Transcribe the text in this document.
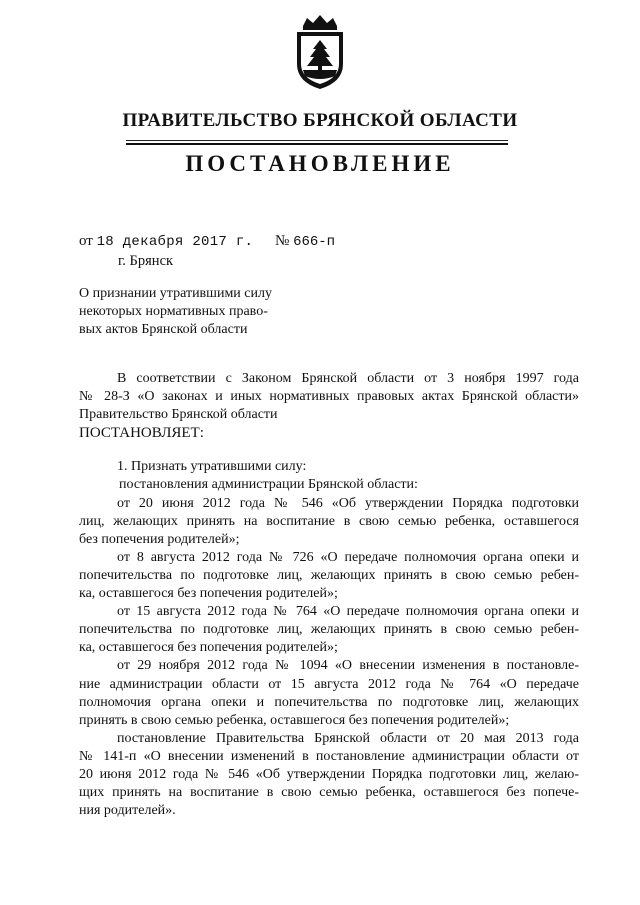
ПРАВИТЕЛЬСТВО БРЯНСКОЙ ОБЛАСТИ
ПОСТАНОВЛЕНИЕ
от 18 декабря 2017 г. № 666-п
г. Брянск
О признании утратившими силу
некоторых нормативных право-
вых актов Брянской области
В соответствии с Законом Брянской области от 3 ноября 1997 года
№ 28-З «О законах и иных нормативных правовых актах Брянской области»
Правительство Брянской области
ПОСТАНОВЛЯЕТ:
1. Признать утратившими силу:
постановления администрации Брянской области:
от 20 июня 2012 года № 546 «Об утверждении Порядка подготовки
лиц, желающих принять на воспитание в свою семью ребенка, оставшегося
без попечения родителей»;
от 8 августа 2012 года № 726 «О передаче полномочия органа опеки и
попечительства по подготовке лиц, желающих принять в свою семью ребен-
ка, оставшегося без попечения родителей»;
от 15 августа 2012 года № 764 «О передаче полномочия органа опеки и
попечительства по подготовке лиц, желающих принять в свою семью ребен-
ка, оставшегося без попечения родителей»;
от 29 ноября 2012 года № 1094 «О внесении изменения в постановле-
ние администрации области от 15 августа 2012 года № 764 «О передаче
полномочия органа опеки и попечительства по подготовке лиц, желающих
принять в свою семью ребенка, оставшегося без попечения родителей»;
постановление Правительства Брянской области от 20 мая 2013 года
№ 141-п «О внесении изменений в постановление администрации области от
20 июня 2012 года № 546 «Об утверждении Порядка подготовки лиц, желаю-
щих принять на воспитание в свою семью ребенка, оставшегося без попече-
ния родителей».
